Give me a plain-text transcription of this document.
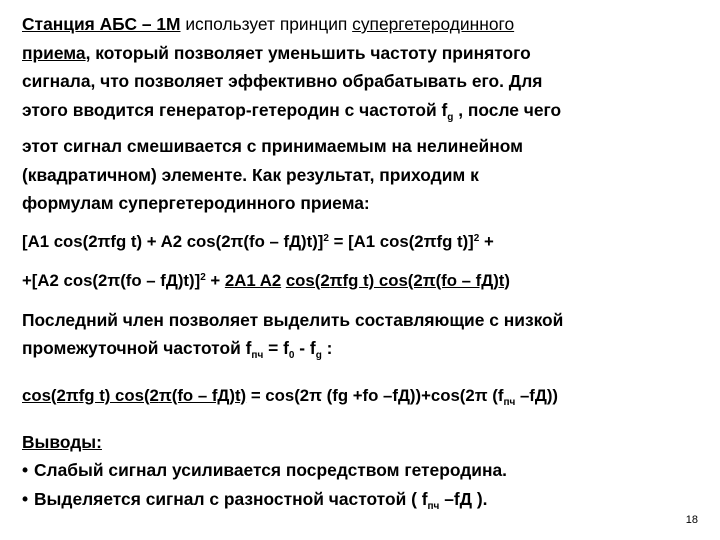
Станция АБС – 1М использует принцип супергетеродинного

приема, который позволяет уменьшить частоту принятого

сигнала, что позволяет эффективно обрабатывать его. Для

этого вводится генератор-гетеродин с частотой $f_g$ , после чего

этот сигнал смешивается с принимаемым на нелинейном

(квадратичном) элементе. Как результат, приходим к

формулам супергетеродинного приема:

[A1 cos(2πfg t) + A2 cos(2π(fo – fД)t)]$^2$ = [A1 cos(2πfg t)]$^2$ +

+[A2 cos(2π(fo – fД)t)]$^2$ + 2A1 A2 cos(2πfg t) cos(2π(fo – fД)t)

Последний член позволяет выделить составляющие с низкой

промежуточной частотой $f_{пч} = f_0 - f_g$ :

cos(2πfg t) cos(2π(fo – fД)t) = cos(2π (fg +fo –fД))+cos(2π ($f_{пч}$ –fД))

Выводы:

• Слабый сигнал усиливается посредством гетеродина.

• Выделяется сигнал с разностной частотой ( $f_{пч}$ –fД ).

18
